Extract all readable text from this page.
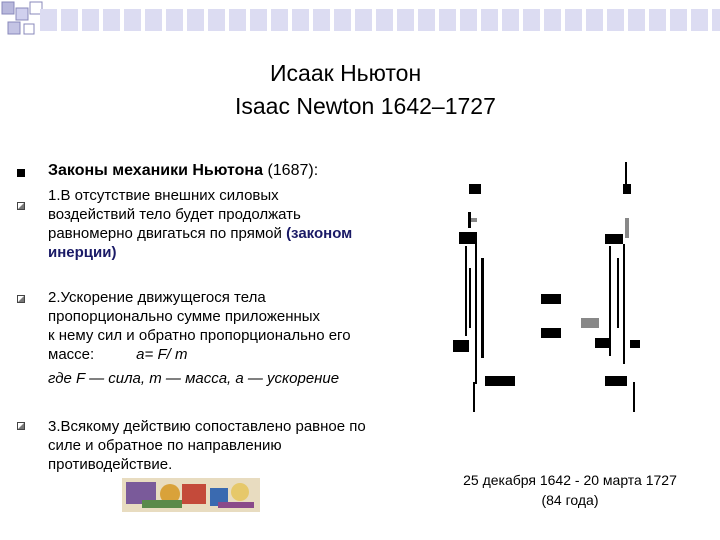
Исаак Ньютон
Isaac Newton 1642–1727
Законы механики Ньютона (1687):
1.В отсутствие внешних силовых
воздействий тело будет продолжать
равномерно двигаться по прямой (законом
инерции)
2.Ускорение движущегося тела
пропорционально сумме приложенных
к нему сил и обратно пропорционально его
массе:	a= F/ m
где F — сила, m — масса, a — ускорение
3.Всякому действию сопоставлено равное по
силе и обратное по направлению
противодействие.
25 декабря 1642 - 20 марта 1727
(84 года)
